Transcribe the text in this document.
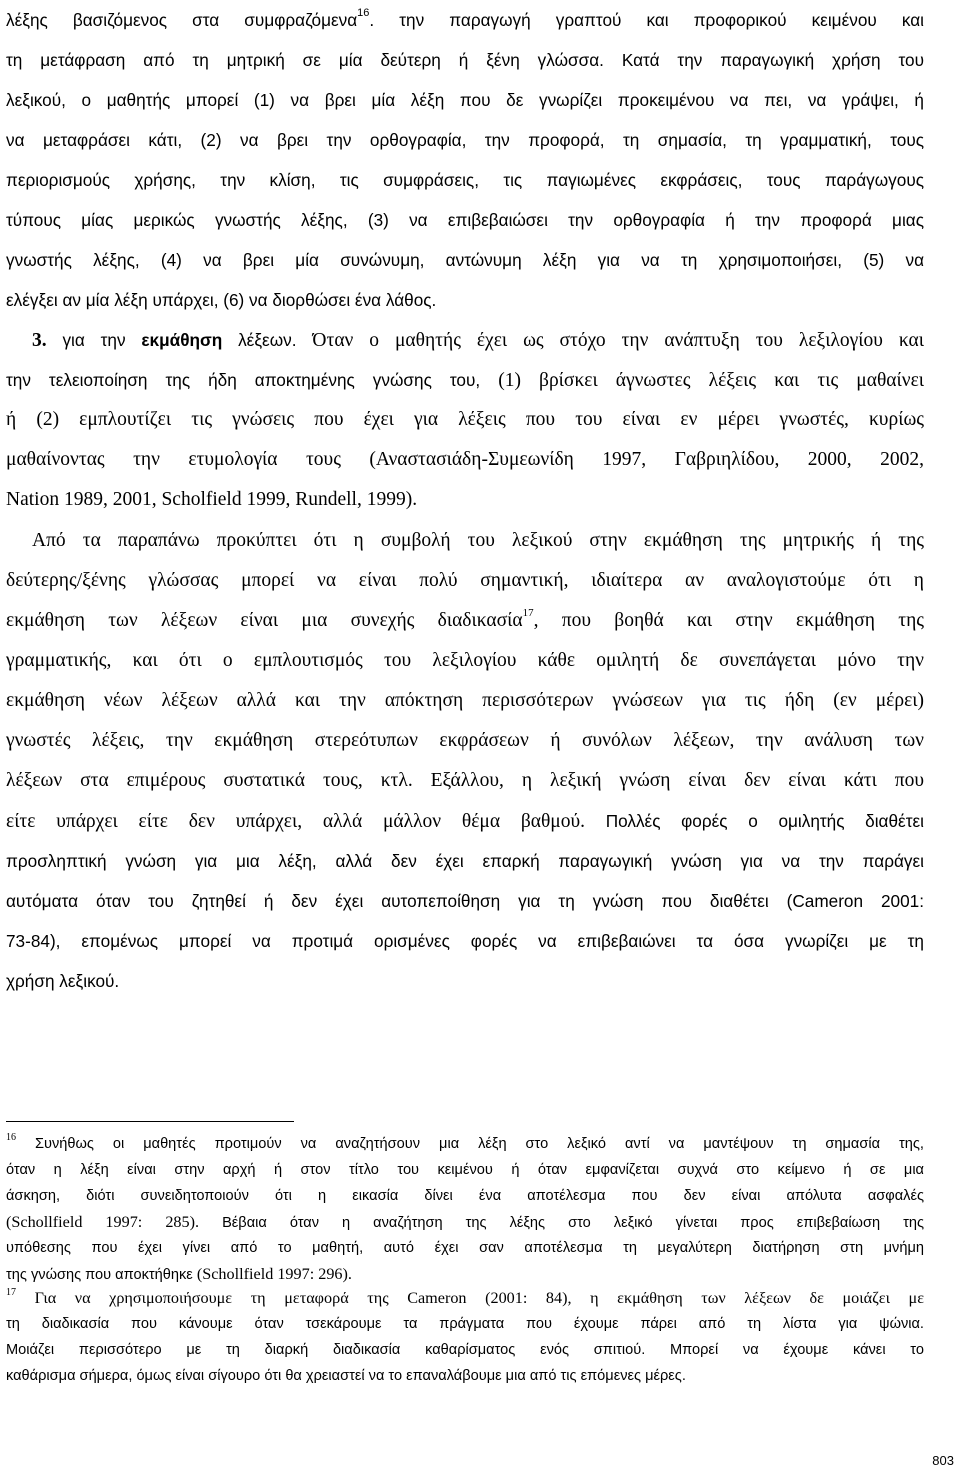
λέξης βασιζόμενος στα συμφραζόμενα$^{16}$. την παραγωγή γραπτού και προφορικού κειμένου και
τη μετάφραση από τη μητρική σε μία δεύτερη ή ξένη γλώσσα. Κατά την παραγωγική χρήση του
λεξικού, ο μαθητής μπορεί (1) να βρει μία λέξη που δε γνωρίζει προκειμένου να πει, να γράψει, ή
να μεταφράσει κάτι, (2) να βρει την ορθογραφία, την προφορά, τη σημασία, τη γραμματική, τους
περιορισμούς χρήσης, την κλίση, τις συμφράσεις, τις παγιωμένες εκφράσεις, τους παράγωγους
τύπους μίας μερικώς γνωστής λέξης, (3) να επιβεβαιώσει την ορθογραφία ή την προφορά μιας
γνωστής λέξης, (4) να βρει μία συνώνυμη, αντώνυμη λέξη για να τη χρησιμοποιήσει, (5) να
ελέγξει αν μία λέξη υπάρχει, (6) να διορθώσει ένα λάθος.
3. για την εκμάθηση λέξεων. Όταν ο μαθητής έχει ως στόχο την ανάπτυξη του λεξιλογίου και
την τελειοποίηση της ήδη αποκτημένης γνώσης του, (1) βρίσκει άγνωστες λέξεις και τις μαθαίνει
ή (2) εμπλουτίζει τις γνώσεις που έχει για λέξεις που του είναι εν μέρει γνωστές, κυρίως
μαθαίνοντας την ετυμολογία τους (Αναστασιάδη-Συμεωνίδη 1997, Γαβριηλίδου, 2000, 2002,
Nation 1989, 2001, Scholfield 1999, Rundell, 1999).
Από τα παραπάνω προκύπτει ότι η συμβολή του λεξικού στην εκμάθηση της μητρικής ή της
δεύτερης/ξένης γλώσσας μπορεί να είναι πολύ σημαντική, ιδιαίτερα αν αναλογιστούμε ότι η
εκμάθηση των λέξεων είναι μια συνεχής διαδικασία$^{17}$, που βοηθά και στην εκμάθηση της
γραμματικής, και ότι ο εμπλουτισμός του λεξιλογίου κάθε ομιλητή δε συνεπάγεται μόνο την
εκμάθηση νέων λέξεων αλλά και την απόκτηση περισσότερων γνώσεων για τις ήδη (εν μέρει)
γνωστές λέξεις, την εκμάθηση στερεότυπων εκφράσεων ή συνόλων λέξεων, την ανάλυση των
λέξεων στα επιμέρους συστατικά τους, κτλ. Εξάλλου, η λεξική γνώση είναι δεν είναι κάτι που
είτε υπάρχει είτε δεν υπάρχει, αλλά μάλλον θέμα βαθμού. Πολλές φορές ο ομιλητής διαθέτει
προσληπτική γνώση για μια λέξη, αλλά δεν έχει επαρκή παραγωγική γνώση για να την παράγει
αυτόματα όταν του ζητηθεί ή δεν έχει αυτοπεποίθηση για τη γνώση που διαθέτει (Cameron 2001:
73-84), επομένως μπορεί να προτιμά ορισμένες φορές να επιβεβαιώνει τα όσα γνωρίζει με τη
χρήση λεξικού.
$^{16}$ Συνήθως οι μαθητές προτιμούν να αναζητήσουν μια λέξη στο λεξικό αντί να μαντέψουν τη σημασία της,
όταν η λέξη είναι στην αρχή ή στον τίτλο του κειμένου ή όταν εμφανίζεται συχνά στο κείμενο ή σε μια
άσκηση, διότι συνειδητοποιούν ότι η εικασία δίνει ένα αποτέλεσμα που δεν είναι απόλυτα ασφαλές
(Schollfield 1997: 285). Βέβαια όταν η αναζήτηση της λέξης στο λεξικό γίνεται προς επιβεβαίωση της
υπόθεσης που έχει γίνει από το μαθητή, αυτό έχει σαν αποτέλεσμα τη μεγαλύτερη διατήρηση στη μνήμη
της γνώσης που αποκτήθηκε (Schollfield 1997: 296).
$^{17}$ Για να χρησιμοποιήσουμε τη μεταφορά της Cameron (2001: 84), η εκμάθηση των λέξεων δε μοιάζει με
τη διαδικασία που κάνουμε όταν τσεκάρουμε τα πράγματα που έχουμε πάρει από τη λίστα για ψώνια.
Μοιάζει περισσότερο με τη διαρκή διαδικασία καθαρίσματος ενός σπιτιού. Μπορεί να έχουμε κάνει το
καθάρισμα σήμερα, όμως είναι σίγουρο ότι θα χρειαστεί να το επαναλάβουμε μια από τις επόμενες μέρες.
803
